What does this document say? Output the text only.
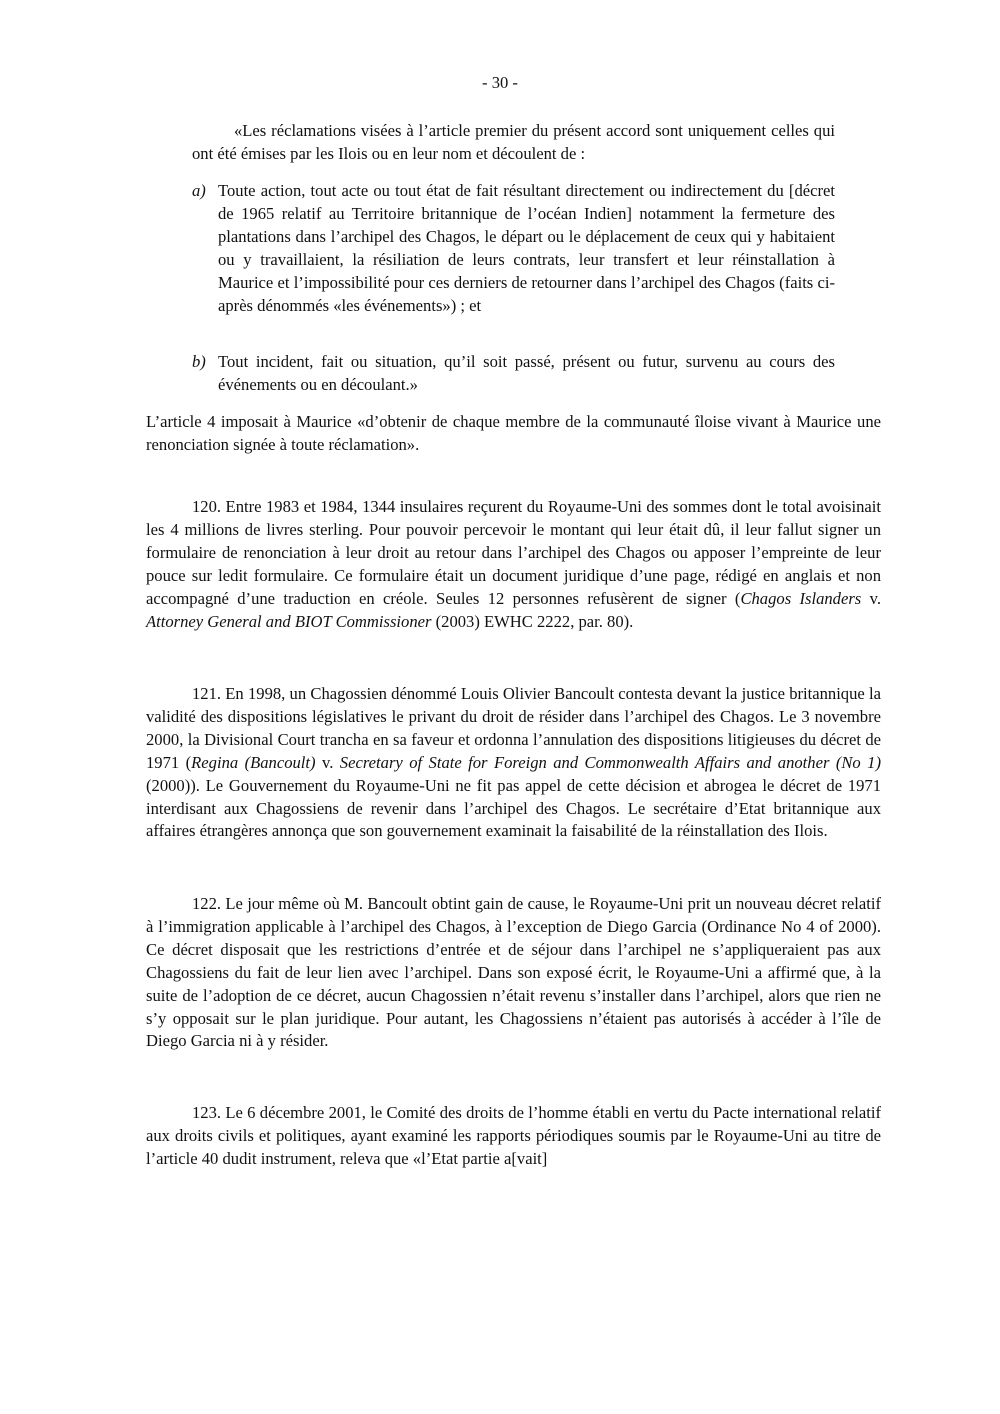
- 30 -
«Les réclamations visées à l’article premier du présent accord sont uniquement celles qui ont été émises par les Ilois ou en leur nom et découlent de :
a) Toute action, tout acte ou tout état de fait résultant directement ou indirectement du [décret de 1965 relatif au Territoire britannique de l’océan Indien] notamment la fermeture des plantations dans l’archipel des Chagos, le départ ou le déplacement de ceux qui y habitaient ou y travaillaient, la résiliation de leurs contrats, leur transfert et leur réinstallation à Maurice et l’impossibilité pour ces derniers de retourner dans l’archipel des Chagos (faits ci-après dénommés «les événements») ; et
b) Tout incident, fait ou situation, qu’il soit passé, présent ou futur, survenu au cours des événements ou en découlant.»
L’article 4 imposait à Maurice «d’obtenir de chaque membre de la communauté îloise vivant à Maurice une renonciation signée à toute réclamation».
120. Entre 1983 et 1984, 1344 insulaires reçurent du Royaume-Uni des sommes dont le total avoisinait les 4 millions de livres sterling. Pour pouvoir percevoir le montant qui leur était dû, il leur fallut signer un formulaire de renonciation à leur droit au retour dans l’archipel des Chagos ou apposer l’empreinte de leur pouce sur ledit formulaire. Ce formulaire était un document juridique d’une page, rédigé en anglais et non accompagné d’une traduction en créole. Seules 12 personnes refusèrent de signer (Chagos Islanders v. Attorney General and BIOT Commissioner (2003) EWHC 2222, par. 80).
121. En 1998, un Chagossien dénommé Louis Olivier Bancoult contesta devant la justice britannique la validité des dispositions législatives le privant du droit de résider dans l’archipel des Chagos. Le 3 novembre 2000, la Divisional Court trancha en sa faveur et ordonna l’annulation des dispositions litigieuses du décret de 1971 (Regina (Bancoult) v. Secretary of State for Foreign and Commonwealth Affairs and another (No 1) (2000)). Le Gouvernement du Royaume-Uni ne fit pas appel de cette décision et abrogea le décret de 1971 interdisant aux Chagossiens de revenir dans l’archipel des Chagos. Le secrétaire d’Etat britannique aux affaires étrangères annonça que son gouvernement examinait la faisabilité de la réinstallation des Ilois.
122. Le jour même où M. Bancoult obtint gain de cause, le Royaume-Uni prit un nouveau décret relatif à l’immigration applicable à l’archipel des Chagos, à l’exception de Diego Garcia (Ordinance No 4 of 2000). Ce décret disposait que les restrictions d’entrée et de séjour dans l’archipel ne s’appliqueraient pas aux Chagossiens du fait de leur lien avec l’archipel. Dans son exposé écrit, le Royaume-Uni a affirmé que, à la suite de l’adoption de ce décret, aucun Chagossien n’était revenu s’installer dans l’archipel, alors que rien ne s’y opposait sur le plan juridique. Pour autant, les Chagossiens n’étaient pas autorisés à accéder à l’île de Diego Garcia ni à y résider.
123. Le 6 décembre 2001, le Comité des droits de l’homme établi en vertu du Pacte international relatif aux droits civils et politiques, ayant examiné les rapports périodiques soumis par le Royaume-Uni au titre de l’article 40 dudit instrument, releva que «l’Etat partie a[vait]
